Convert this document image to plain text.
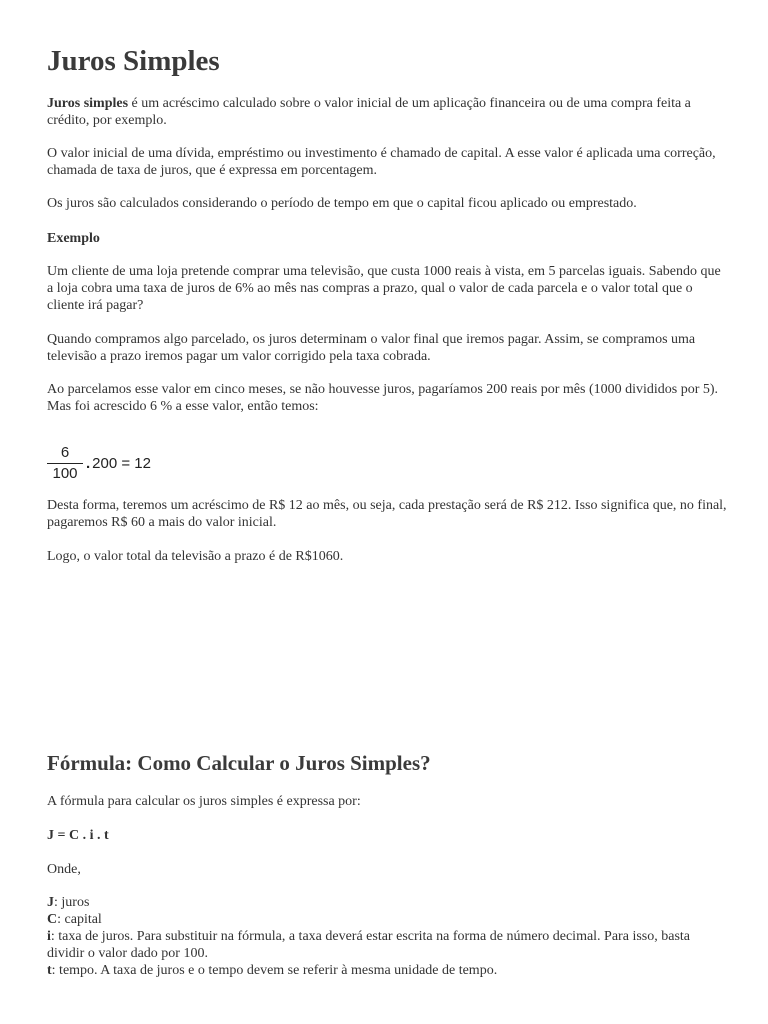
Juros Simples

Juros simples é um acréscimo calculado sobre o valor inicial de um aplicação financeira ou de uma compra feita a crédito, por exemplo.

O valor inicial de uma dívida, empréstimo ou investimento é chamado de capital. A esse valor é aplicada uma correção, chamada de taxa de juros, que é expressa em porcentagem.

Os juros são calculados considerando o período de tempo em que o capital ficou aplicado ou emprestado.

Exemplo

Um cliente de uma loja pretende comprar uma televisão, que custa 1000 reais à vista, em 5 parcelas iguais. Sabendo que a loja cobra uma taxa de juros de 6% ao mês nas compras a prazo, qual o valor de cada parcela e o valor total que o cliente irá pagar?

Quando compramos algo parcelado, os juros determinam o valor final que iremos pagar. Assim, se compramos uma televisão a prazo iremos pagar um valor corrigido pela taxa cobrada.

Ao parcelamos esse valor em cinco meses, se não houvesse juros, pagaríamos 200 reais por mês (1000 divididos por 5). Mas foi acrescido 6 % a esse valor, então temos:

$\frac{6}{100}$ . 200 = 12

Desta forma, teremos um acréscimo de R$ 12 ao mês, ou seja, cada prestação será de R$ 212. Isso significa que, no final, pagaremos R$ 60 a mais do valor inicial.

Logo, o valor total da televisão a prazo é de R$1060.

Fórmula: Como Calcular o Juros Simples?

A fórmula para calcular os juros simples é expressa por:

J = C . i . t

Onde,

J: juros

C: capital

i: taxa de juros. Para substituir na fórmula, a taxa deverá estar escrita na forma de número decimal. Para isso, basta dividir o valor dado por 100.

t: tempo. A taxa de juros e o tempo devem se referir à mesma unidade de tempo.
